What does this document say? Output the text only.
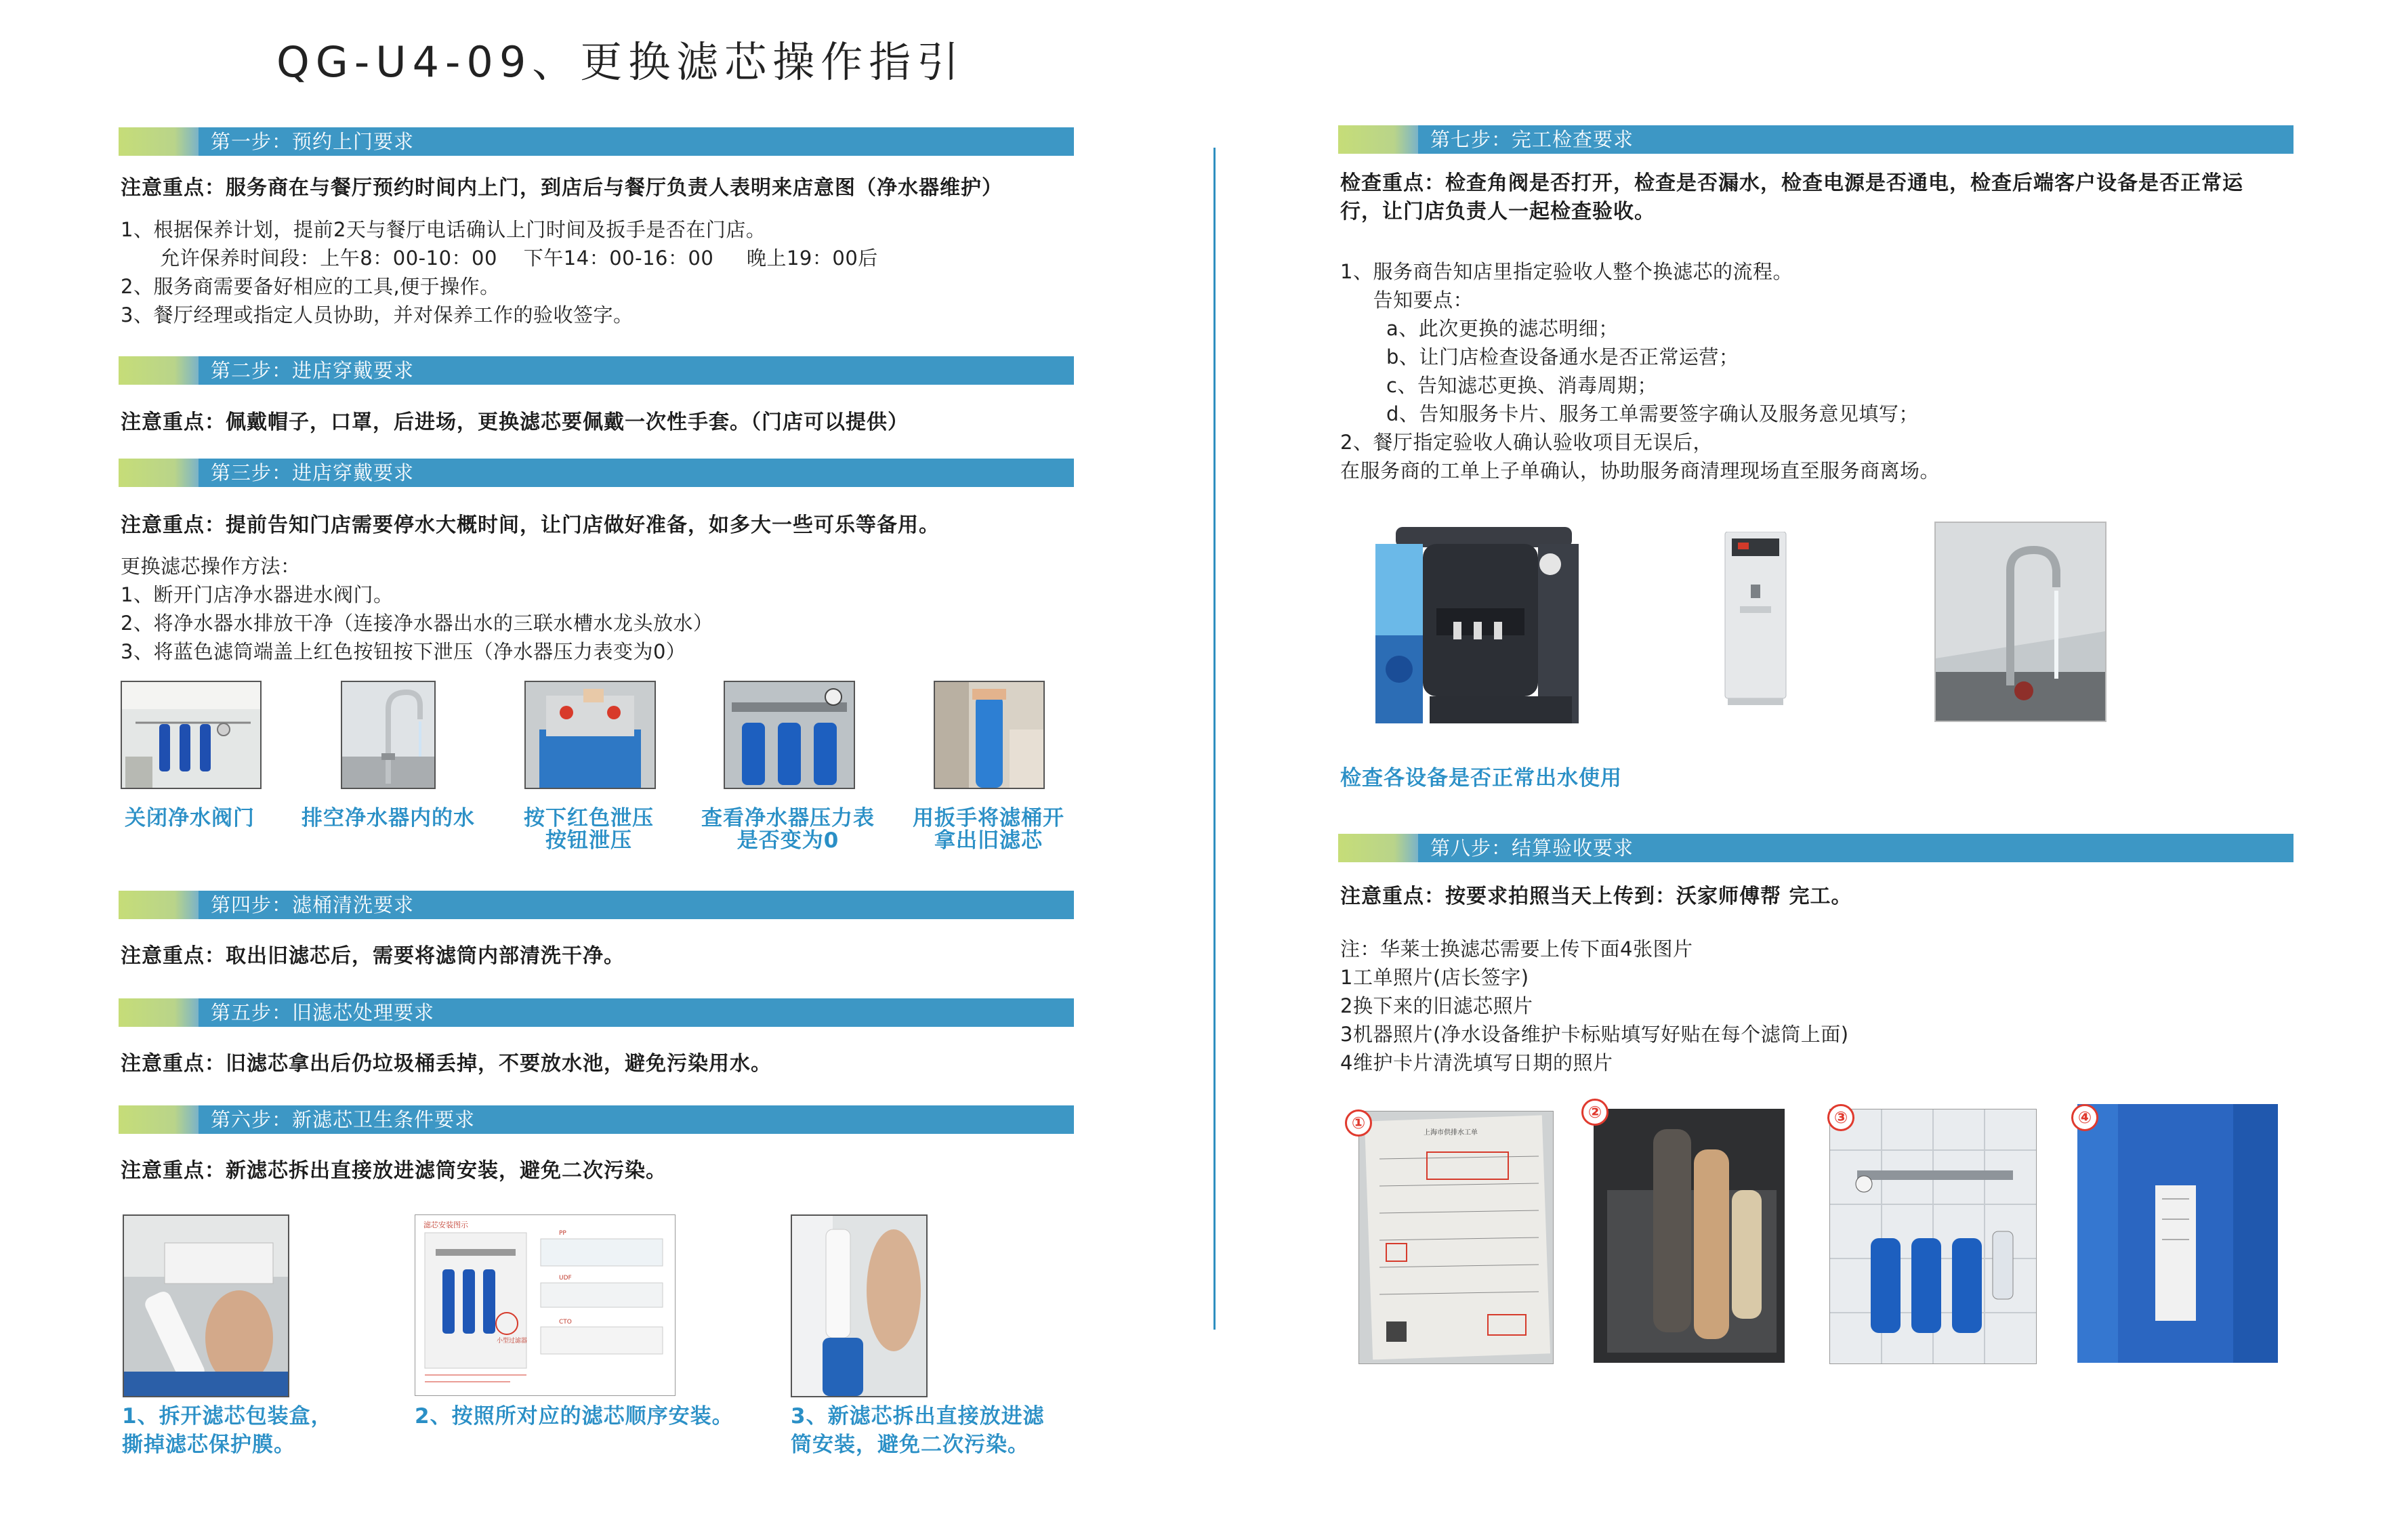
QG-U4-09、更换滤芯操作指引
第一步：预约上门要求
注意重点：服务商在与餐厅预约时间内上门，到店后与餐厅负责人表明来店意图（净水器维护）
1、根据保养计划，提前2天与餐厅电话确认上门时间及扳手是否在门店。
允许保养时间段：上午8：00-10：00    下午14：00-16：00     晚上19：00后
2、服务商需要备好相应的工具,便于操作。
3、餐厅经理或指定人员协助，并对保养工作的验收签字。
第二步：进店穿戴要求
注意重点：佩戴帽子，口罩，后进场，更换滤芯要佩戴一次性手套。（门店可以提供）
第三步：进店穿戴要求
注意重点：提前告知门店需要停水大概时间，让门店做好准备，如多大一些可乐等备用。
更换滤芯操作方法：
1、断开门店净水器进水阀门。
2、将净水器水排放干净（连接净水器出水的三联水槽水龙头放水）
3、将蓝色滤筒端盖上红色按钮按下泄压（净水器压力表变为0）
关闭净水阀门	排空净水器内的水	按下红色泄压
按钮泄压
查看净水器压力表
是否变为0
用扳手将滤桶开
拿出旧滤芯
第四步：滤桶清洗要求
注意重点：取出旧滤芯后，需要将滤筒内部清洗干净。
第五步：旧滤芯处理要求
注意重点：旧滤芯拿出后仍垃圾桶丢掉，不要放水池，避免污染用水。
第六步：新滤芯卫生条件要求
注意重点：新滤芯拆出直接放进滤筒安装，避免二次污染。
滤芯安装图示
PP
UDF
CTO
小型过滤器
1、拆开滤芯包装盒，
撕掉滤芯保护膜。
2、按照所对应的滤芯顺序安装。	3、新滤芯拆出直接放进滤
筒安装，避免二次污染。
第七步：完工检查要求
检查重点：检查角阀是否打开，检查是否漏水，检查电源是否通电，检查后端客户设备是否正常运
行，让门店负责人一起检查验收。
1、服务商告知店里指定验收人整个换滤芯的流程。
告知要点：
a、此次更换的滤芯明细；
b、让门店检查设备通水是否正常运营；
c、告知滤芯更换、消毒周期；
d、告知服务卡片、服务工单需要签字确认及服务意见填写；
2、餐厅指定验收人确认验收项目无误后，
在服务商的工单上子单确认，协助服务商清理现场直至服务商离场。
检查各设备是否正常出水使用
第八步：结算验收要求
注意重点：按要求拍照当天上传到：沃家师傅帮 完工。
注：华莱士换滤芯需要上传下面4张图片
1工单照片(店长签字)
2换下来的旧滤芯照片
3机器照片(净水设备维护卡标贴填写好贴在每个滤筒上面)
4维护卡片清洗填写日期的照片
上海市供排水工单
①
②	③	④
